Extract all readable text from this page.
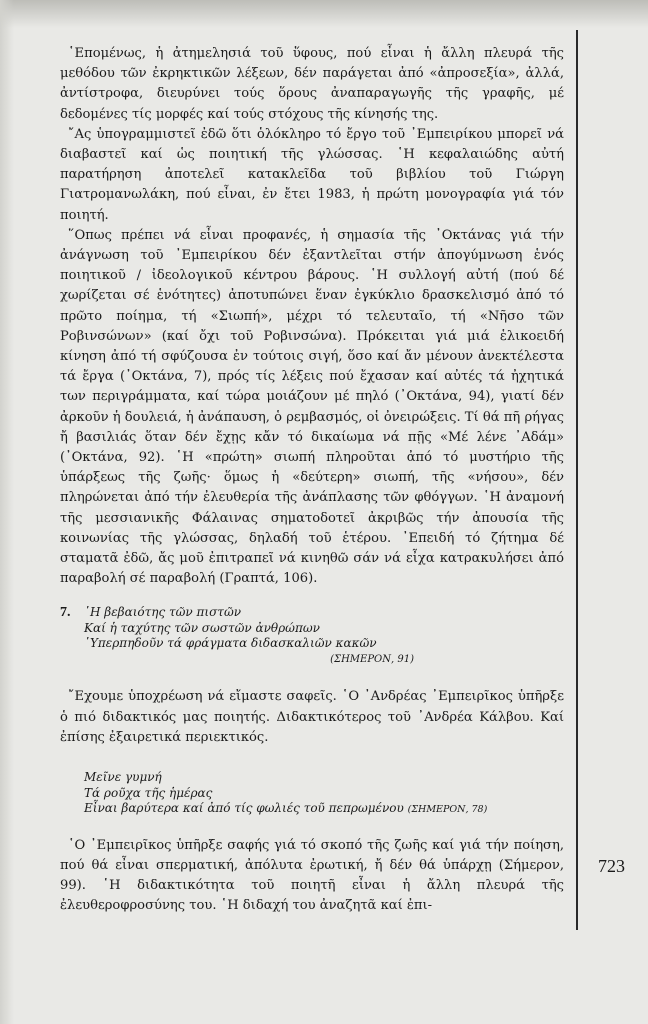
723

῾Επομένως, ἡ ἀτημελησιά τοῦ ὕφους, πού εἶναι ἡ ἄλλη πλευρά τῆς μεθόδου τῶν ἐκρηκτικῶν λέξεων, δέν παράγεται ἀπό «ἀπροσεξία», ἀλλά, ἀντίστροφα, διευρύνει τούς ὅρους ἀναπαραγωγῆς τῆς γραφῆς, μέ δεδομένες τίς μορφές καί τούς στόχους τῆς κίνησής της.

῎Ας ὑπογραμμιστεῖ ἐδῶ ὅτι ὁλόκληρο τό ἔργο τοῦ ᾿Εμπειρίκου μπορεῖ νά διαβαστεῖ καί ὡς ποιητική τῆς γλώσσας. ῾Η κεφαλαιώδης αὐτή παρατήρηση ἀποτελεῖ κατακλεῖδα τοῦ βιβλίου τοῦ Γιώργη Γιατρομανωλάκη, πού εἶναι, ἐν ἔτει 1983, ἡ πρώτη μονογραφία γιά τόν ποιητή.

῞Οπως πρέπει νά εἶναι προφανές, ἡ σημασία τῆς ᾿Οκτάνας γιά τήν ἀνάγνωση τοῦ ᾿Εμπειρίκου δέν ἐξαντλεῖται στήν ἀπογύμνωση ἑνός ποιητικοῦ / ἰδεολογικοῦ κέντρου βάρους. ῾Η συλλογή αὐτή (πού δέ χωρίζεται σέ ἑνότητες) ἀποτυπώνει ἕναν ἐγκύκλιο δρασκελισμό ἀπό τό πρῶτο ποίημα, τή «Σιωπή», μέχρι τό τελευταῖο, τή «Νῆσο τῶν Ροβινσώνων» (καί ὄχι τοῦ Ροβινσώνα). Πρόκειται γιά μιά ἑλικοειδή κίνηση ἀπό τή σφύζουσα ἐν τούτοις σιγή, ὅσο καί ἄν μένουν ἀνεκτέλεστα τά ἔργα (᾿Οκτάνα, 7), πρός τίς λέξεις πού ἔχασαν καί αὐτές τά ἠχητικά των περιγράμματα, καί τώρα μοιάζουν μέ πηλό (᾿Οκτάνα, 94), γιατί δέν ἀρκοῦν ἡ δουλειά, ἡ ἀνάπαυση, ὁ ρεμβασμός, οἱ ὀνειρώξεις. Τί θά πῆ ρήγας ἤ βασιλιάς ὅταν δέν ἔχῃς κἄν τό δικαίωμα νά πῇς «Μέ λένε ᾿Αδάμ» (᾿Οκτάνα, 92). ῾Η «πρώτη» σιωπή πληροῦται ἀπό τό μυστήριο τῆς ὑπάρξεως τῆς ζωῆς· ὅμως ἡ «δεύτερη» σιωπή, τῆς «νήσου», δέν πληρώνεται ἀπό τήν ἐλευθερία τῆς ἀνάπλασης τῶν φθόγγων. ῾Η ἀναμονή τῆς μεσσιανικῆς Φάλαινας σηματοδοτεῖ ἀκριβῶς τήν ἀπουσία τῆς κοινωνίας τῆς γλώσσας, δηλαδή τοῦ ἑτέρου. ᾿Επειδή τό ζήτημα δέ σταματᾶ ἐδῶ, ἄς μοῦ ἐπιτραπεῖ νά κινηθῶ σάν νά εἶχα κατρακυλήσει ἀπό παραβολή σέ παραβολή (Γραπτά, 106).

7. ῾Η βεβαιότης τῶν πιστῶν
Καί ἡ ταχύτης τῶν σωστῶν ἀνθρώπων
῾Υπερπηδοῦν τά φράγματα διδασκαλιῶν κακῶν
(ΣΗΜΕΡΟΝ, 91)

῎Εχουμε ὑποχρέωση νά εἴμαστε σαφεῖς. ῾Ο ᾿Ανδρέας ᾿Εμπειρῖκος ὑπῆρξε ὁ πιό διδακτικός μας ποιητής. Διδακτικότερος τοῦ ᾿Ανδρέα Κάλβου. Καί ἐπίσης ἐξαιρετικά περιεκτικός.

Μεῖνε γυμνή
Τά ροῦχα τῆς ἡμέρας
Εἶναι βαρύτερα καί ἀπό τίς φωλιές τοῦ πεπρωμένου (ΣΗΜΕΡΟΝ, 78)

῾Ο ᾿Εμπειρῖκος ὑπῆρξε σαφής γιά τό σκοπό τῆς ζωῆς καί γιά τήν ποίηση, πού θά εἶναι σπερματική, ἀπόλυτα ἐρωτική, ἤ δέν θά ὑπάρχῃ (Σήμερον, 99). ῾Η διδακτικότητα τοῦ ποιητῆ εἶναι ἡ ἄλλη πλευρά τῆς ἐλευθεροφροσύνης του. ῾Η διδαχή του ἀναζητᾶ καί ἐπι-
